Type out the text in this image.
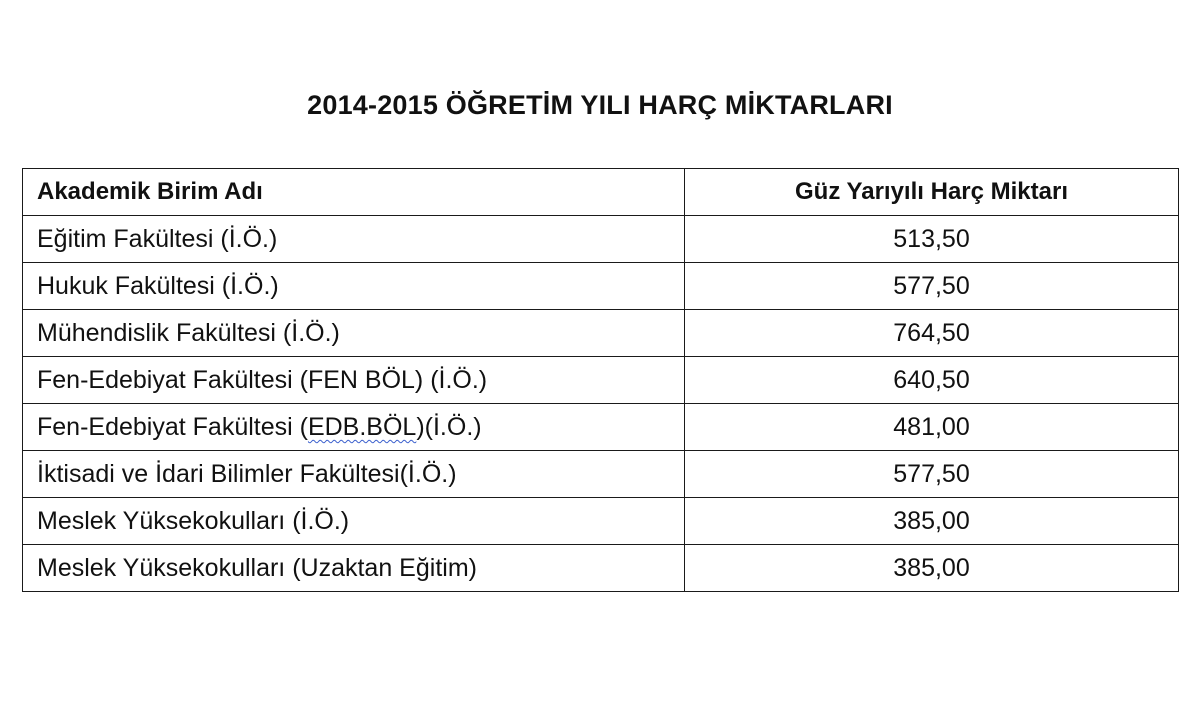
2014-2015 ÖĞRETİM YILI HARÇ MİKTARLARI
Akademik Birim Adı	Güz Yarıyılı Harç Miktarı
Eğitim Fakültesi (İ.Ö.)	513,50
Hukuk Fakültesi (İ.Ö.)	577,50
Mühendislik Fakültesi (İ.Ö.)	764,50
Fen-Edebiyat Fakültesi (FEN BÖL) (İ.Ö.)	640,50
Fen-Edebiyat Fakültesi (EDB.BÖL)(İ.Ö.)	481,00
İktisadi ve İdari Bilimler Fakültesi(İ.Ö.)	577,50
Meslek Yüksekokulları (İ.Ö.)	385,00
Meslek Yüksekokulları (Uzaktan Eğitim)	385,00
